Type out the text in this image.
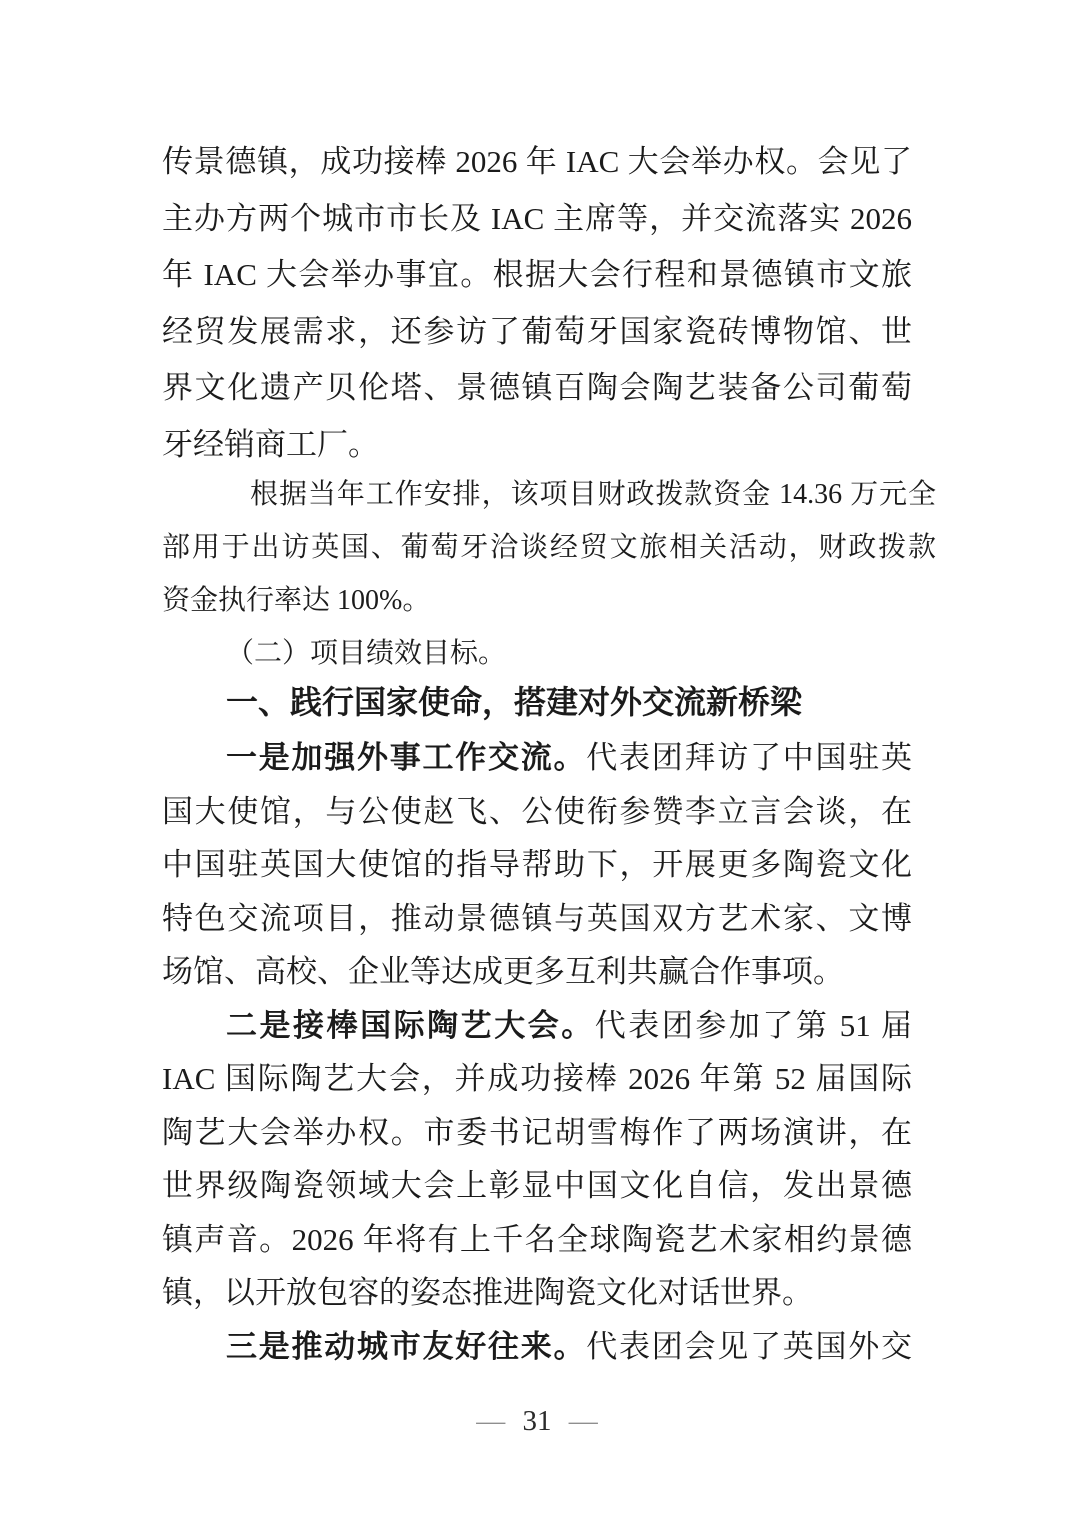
传景德镇，成功接棒 2026 年 IAC 大会举办权。会见了
主办方两个城市市长及 IAC 主席等，并交流落实 2026
年 IAC 大会举办事宜。根据大会行程和景德镇市文旅
经贸发展需求，还参访了葡萄牙国家瓷砖博物馆、世
界文化遗产贝伦塔、景德镇百陶会陶艺装备公司葡萄
牙经销商工厂。
根据当年工作安排，该项目财政拨款资金 14.36 万元全
部用于出访英国、葡萄牙洽谈经贸文旅相关活动，财政拨款
资金执行率达 100%。
（二）项目绩效目标。
一、践行国家使命，搭建对外交流新桥梁
一是加强外事工作交流。代表团拜访了中国驻英
国大使馆，与公使赵飞、公使衔参赞李立言会谈，在
中国驻英国大使馆的指导帮助下，开展更多陶瓷文化
特色交流项目，推动景德镇与英国双方艺术家、文博
场馆、高校、企业等达成更多互利共赢合作事项。
二是接棒国际陶艺大会。代表团参加了第 51 届
IAC 国际陶艺大会，并成功接棒 2026 年第 52 届国际
陶艺大会举办权。市委书记胡雪梅作了两场演讲，在
世界级陶瓷领域大会上彰显中国文化自信，发出景德
镇声音。2026 年将有上千名全球陶瓷艺术家相约景德
镇，以开放包容的姿态推进陶瓷文化对话世界。
三是推动城市友好往来。代表团会见了英国外交
— 31 —
